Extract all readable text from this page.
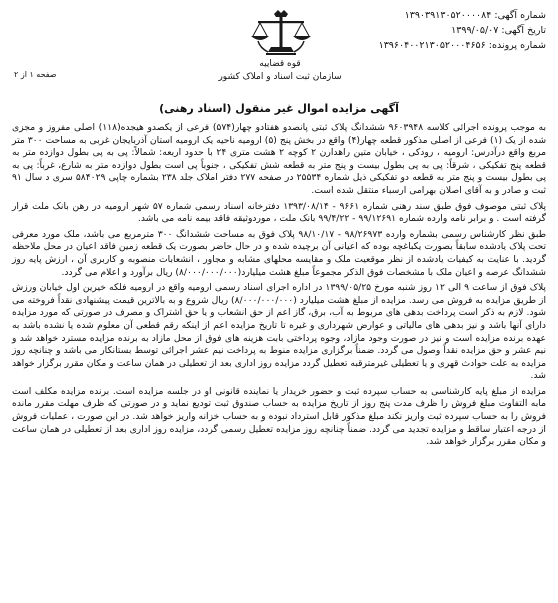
شماره آگهی: ۱۳۹۰۳۹۱۳۰۵۲۰۰۰۰۸۴
تاریخ آگهی: ۱۳۹۹/۰۵/۰۷
شماره پرونده: ۱۳۹۶۰۴۰۰۲۱۳۰۵۲۰۰۰۴۶۵۶
قوه قضاییه
سازمان ثبت اسناد و املاک کشور
صفحه ۱ از ۲
آگهی مزایده اموال غیر منقول (اسناد رهنی)

به موجب پرونده اجرائی کلاسه ۹۶۰۳۹۴۸ ششدانگ پلاک ثبتی پانصدو هفتادو چهار(۵۷۴) فرعی از یکصدو هیجده(۱۱۸) اصلی مفروز و مجزی شده از یک (۱) فرعی از اصلی مذکور قطعه چهار(۴) واقع در بخش پنج (۵) ارومیه ناحیه یک ارومیه استان آذربایجان غربی به مساحت ۳۰۰ متر مربع واقع درآدرس: ارومیه ، رودکی ، خیابان متین راهدارن ۲ کوچه ۲ هشت متری ۲۴ با حدود اربعه: شمالاً: پی به پی بطول دوازده متر به قطعه پنج تفکیکی ، شرقاً: پی به پی بطول بیست و پنج متر به قطعه شش تفکیکی ، جنوباً پی است بطول دوازده متر به شارع، غرباً: پی به پی بطول بیست و پنج متر به قطعه دو تفکیکی ذیل شماره ۲۵۵۳۴ در صفحه ۲۷۷ دفتر املاک جلد ۲۳۸ بشماره چاپی ۵۸۴۰۲۹ سری د سال ۹۱ ثبت و صادر و به آقای اصلان بهرامی ارسباء منتقل شده است.

پلاک ثبتی موصوف فوق طبق سند رهنی شماره ۹۶۶۱ - ۱۳۹۳/۰۸/۱۴ دفترخانه اسناد رسمی شماره ۵۷ شهر ارومیه در رهن بانک ملت قرار گرفته است . و برابر نامه وارده شماره ۹۹/۱۲۶۹۱ - ۹۹/۴/۲۲ بانک ملت ، موردوثیقه فاقد بیمه نامه می باشد.

طبق نظر کارشناس رسمی بشماره وارده ۹۸/۲۶۹۷۳ - ۹۸/۱۰/۱۷ پلاک فوق به مساحت ششدانگ ۳۰۰ مترمربع می باشد، ملک مورد معرفی تحت پلاک یادشده سابقاً بصورت یکباغچه بوده که اعیانی آن برچیده شده و در حال حاضر بصورت یک قطعه زمین فاقد اعیان در محل ملاحظه گردید. با عنایت به کیفیات یادشده از نظر موقعیت ملک و مقایسه محلهای مشابه و مجاور ، انشعابات منصوبه و کاربری آن ، ارزش پایه روز ششدانگ عرصه و اعیان ملک با مشخصات فوق الذکر مجموعاً مبلغ هشت میلیارد(۸/۰۰۰/۰۰۰/۰۰۰) ریال برآورد و اعلام می گردد.

پلاک فوق از ساعت ۹ الی ۱۲ روز شنبه مورخ ۱۳۹۹/۰۵/۲۵ در اداره اجرای اسناد رسمی ارومیه واقع در ارومیه فلکه خیرین اول خیابان ورزش از طریق مزایده به فروش می رسد. مزایده از مبلغ هشت میلیارد (۸/۰۰۰/۰۰۰/۰۰۰) ریال شروع و به بالاترین قیمت پیشنهادی نقداً فروخته می شود. لازم به ذکر است پرداخت بدهی های مربوط به آب، برق، گاز اعم از حق انشعاب و یا حق اشتراک و مصرف در صورتی که مورد مزایده دارای آنها باشد و نیز بدهی های مالیاتی و عوارض شهرداری و غیره تا تاریخ مزایده اعم از اینکه رقم قطعی آن معلوم شده یا نشده باشد به عهده برنده مزایده است و نیز در صورت وجود مازاد، وجوه پرداختی بابت هزینه های فوق از محل مازاد به برنده مزایده مسترد خواهد شد و نیم عشر و حق مزایده نقداً وصول می گردد. ضمناً برگزاری مزایده منوط به پرداخت نیم عشر اجرائی توسط بستانکار می باشد و چنانچه روز مزایده به علت حوادث قهری و یا تعطیلی غیرمترقبه تعطیل گردد مزایده روز اداری بعد از تعطیلی در همان ساعت و مکان مقرر برگزار خواهد شد.

مزایده از مبلغ پایه کارشناسی به حساب سپرده ثبت و حضور خریدار یا نماینده قانونی او در جلسه مزایده است. برنده مزایده مکلف است مابه التفاوت مبلغ فروش را ظرف مدت پنج روز از تاریخ مزایده به حساب صندوق ثبت تودیع نماید و در صورتی که ظرف مهلت مقرر مانده فروش را به حساب سپرده ثبت واریز نکند مبلغ مذکور قابل استرداد نبوده و به حساب خزانه واریز خواهد شد. در این صورت ، عملیات فروش از درجه اعتبار ساقط و مزایده تجدید می گردد. ضمناً چنانچه روز مزایده تعطیل رسمی گردد، مزایده روز اداری بعد از تعطیلی در همان ساعت و مکان مقرر برگزار خواهد شد.
